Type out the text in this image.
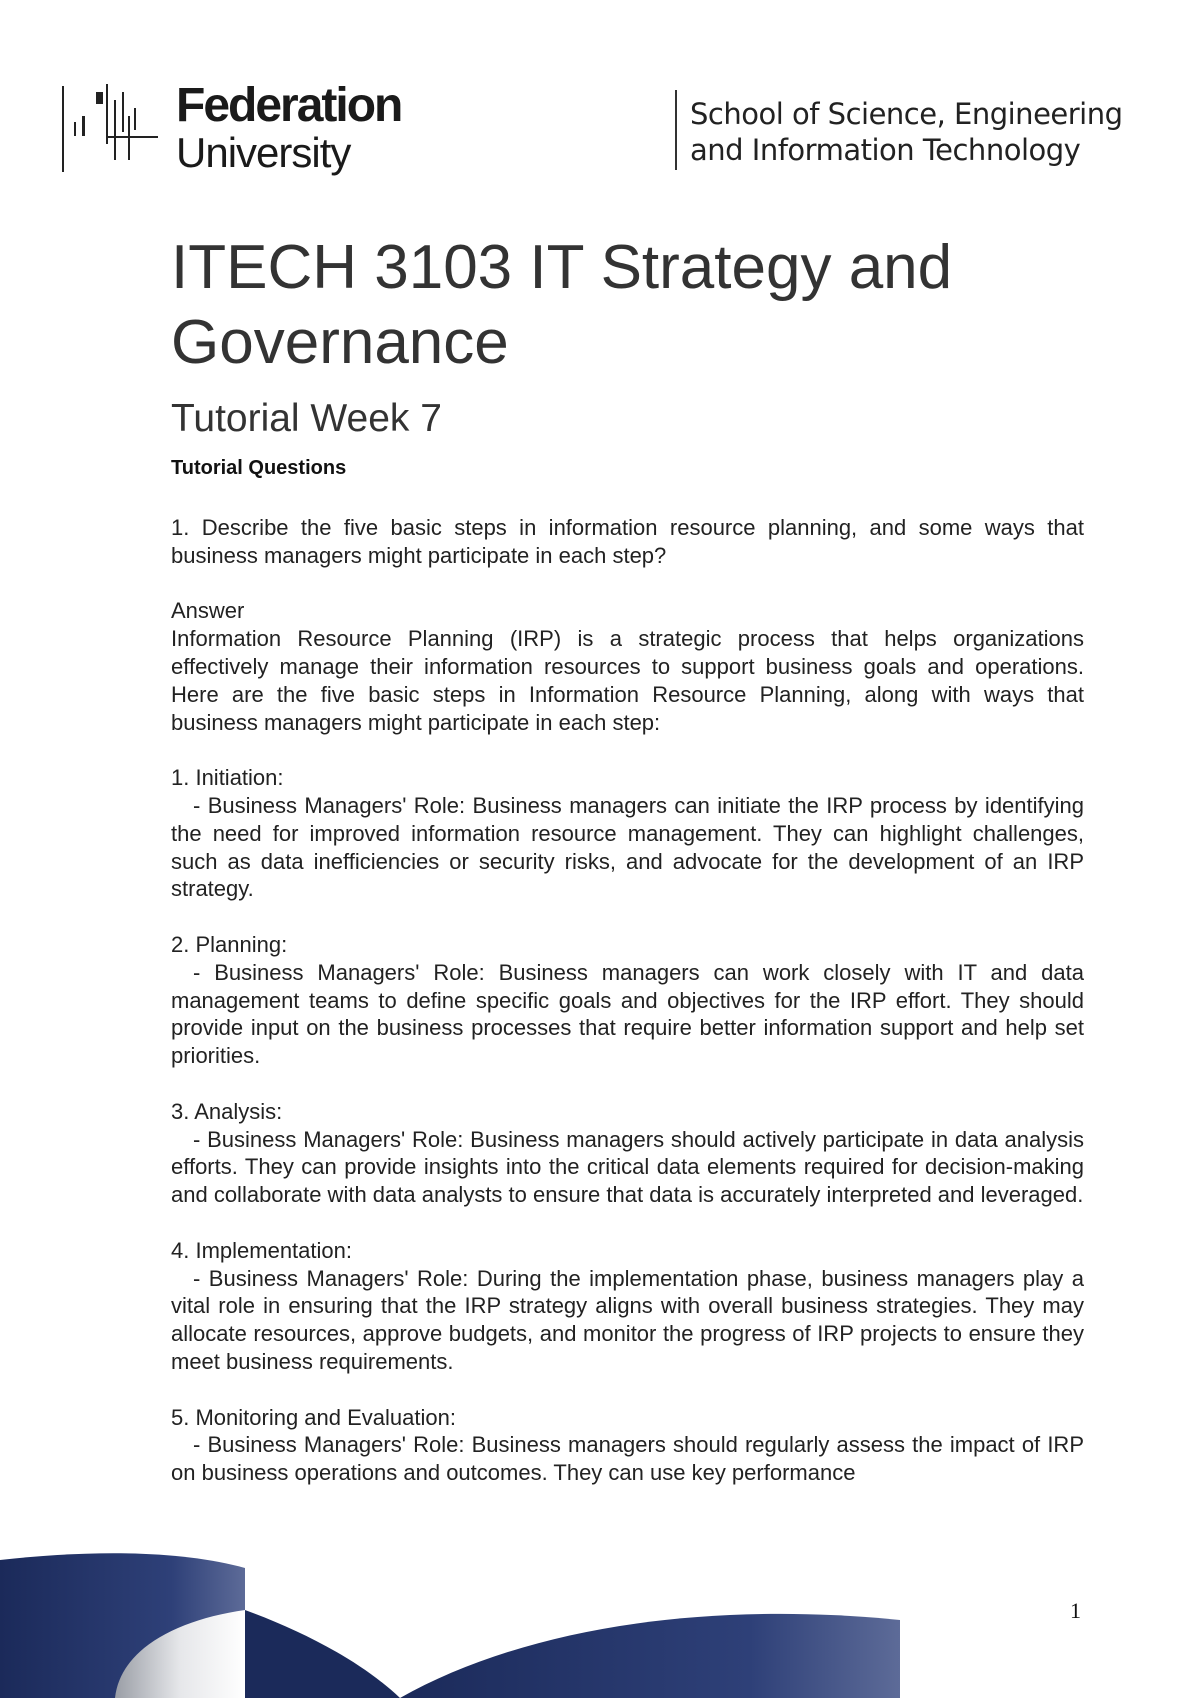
Federation
University
School of Science, Engineering
and Information Technology
ITECH 3103 IT Strategy and
Governance
Tutorial Week 7
Tutorial Questions

1. Describe the five basic steps in information resource planning, and some ways that business managers might participate in each step?

Answer

Information Resource Planning (IRP) is a strategic process that helps organizations effectively manage their information resources to support business goals and operations. Here are the five basic steps in Information Resource Planning, along with ways that business managers might participate in each step:

1. Initiation:

- Business Managers' Role: Business managers can initiate the IRP process by identifying the need for improved information resource management. They can highlight challenges, such as data inefficiencies or security risks, and advocate for the development of an IRP strategy.

2. Planning:

- Business Managers' Role: Business managers can work closely with IT and data management teams to define specific goals and objectives for the IRP effort. They should provide input on the business processes that require better information support and help set priorities.

3. Analysis:

- Business Managers' Role: Business managers should actively participate in data analysis efforts. They can provide insights into the critical data elements required for decision-making and collaborate with data analysts to ensure that data is accurately interpreted and leveraged.

4. Implementation:

- Business Managers' Role: During the implementation phase, business managers play a vital role in ensuring that the IRP strategy aligns with overall business strategies. They may allocate resources, approve budgets, and monitor the progress of IRP projects to ensure they meet business requirements.

5. Monitoring and Evaluation:

- Business Managers' Role: Business managers should regularly assess the impact of IRP on business operations and outcomes. They can use key performance

1
